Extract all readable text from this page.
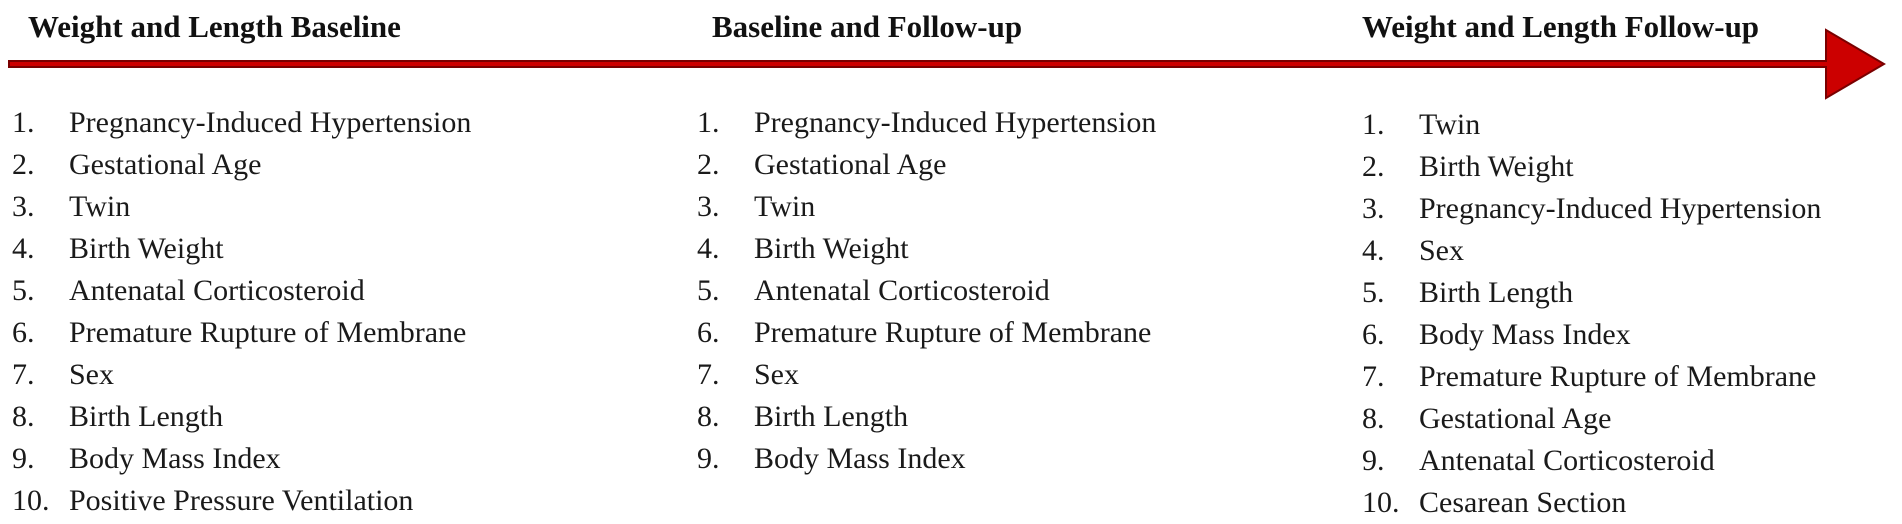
Weight and Length Baseline	Baseline and Follow-up	Weight and Length Follow-up
1. Pregnancy-Induced Hypertension
2. Gestational Age
3. Twin
4. Birth Weight
5. Antenatal Corticosteroid
6. Premature Rupture of Membrane
7. Sex
8. Birth Length
9. Body Mass Index
10. Positive Pressure Ventilation
1. Pregnancy-Induced Hypertension
2. Gestational Age
3. Twin
4. Birth Weight
5. Antenatal Corticosteroid
6. Premature Rupture of Membrane
7. Sex
8. Birth Length
9. Body Mass Index
1. Twin
2. Birth Weight
3. Pregnancy-Induced Hypertension
4. Sex
5. Birth Length
6. Body Mass Index
7. Premature Rupture of Membrane
8. Gestational Age
9. Antenatal Corticosteroid
10. Cesarean Section
